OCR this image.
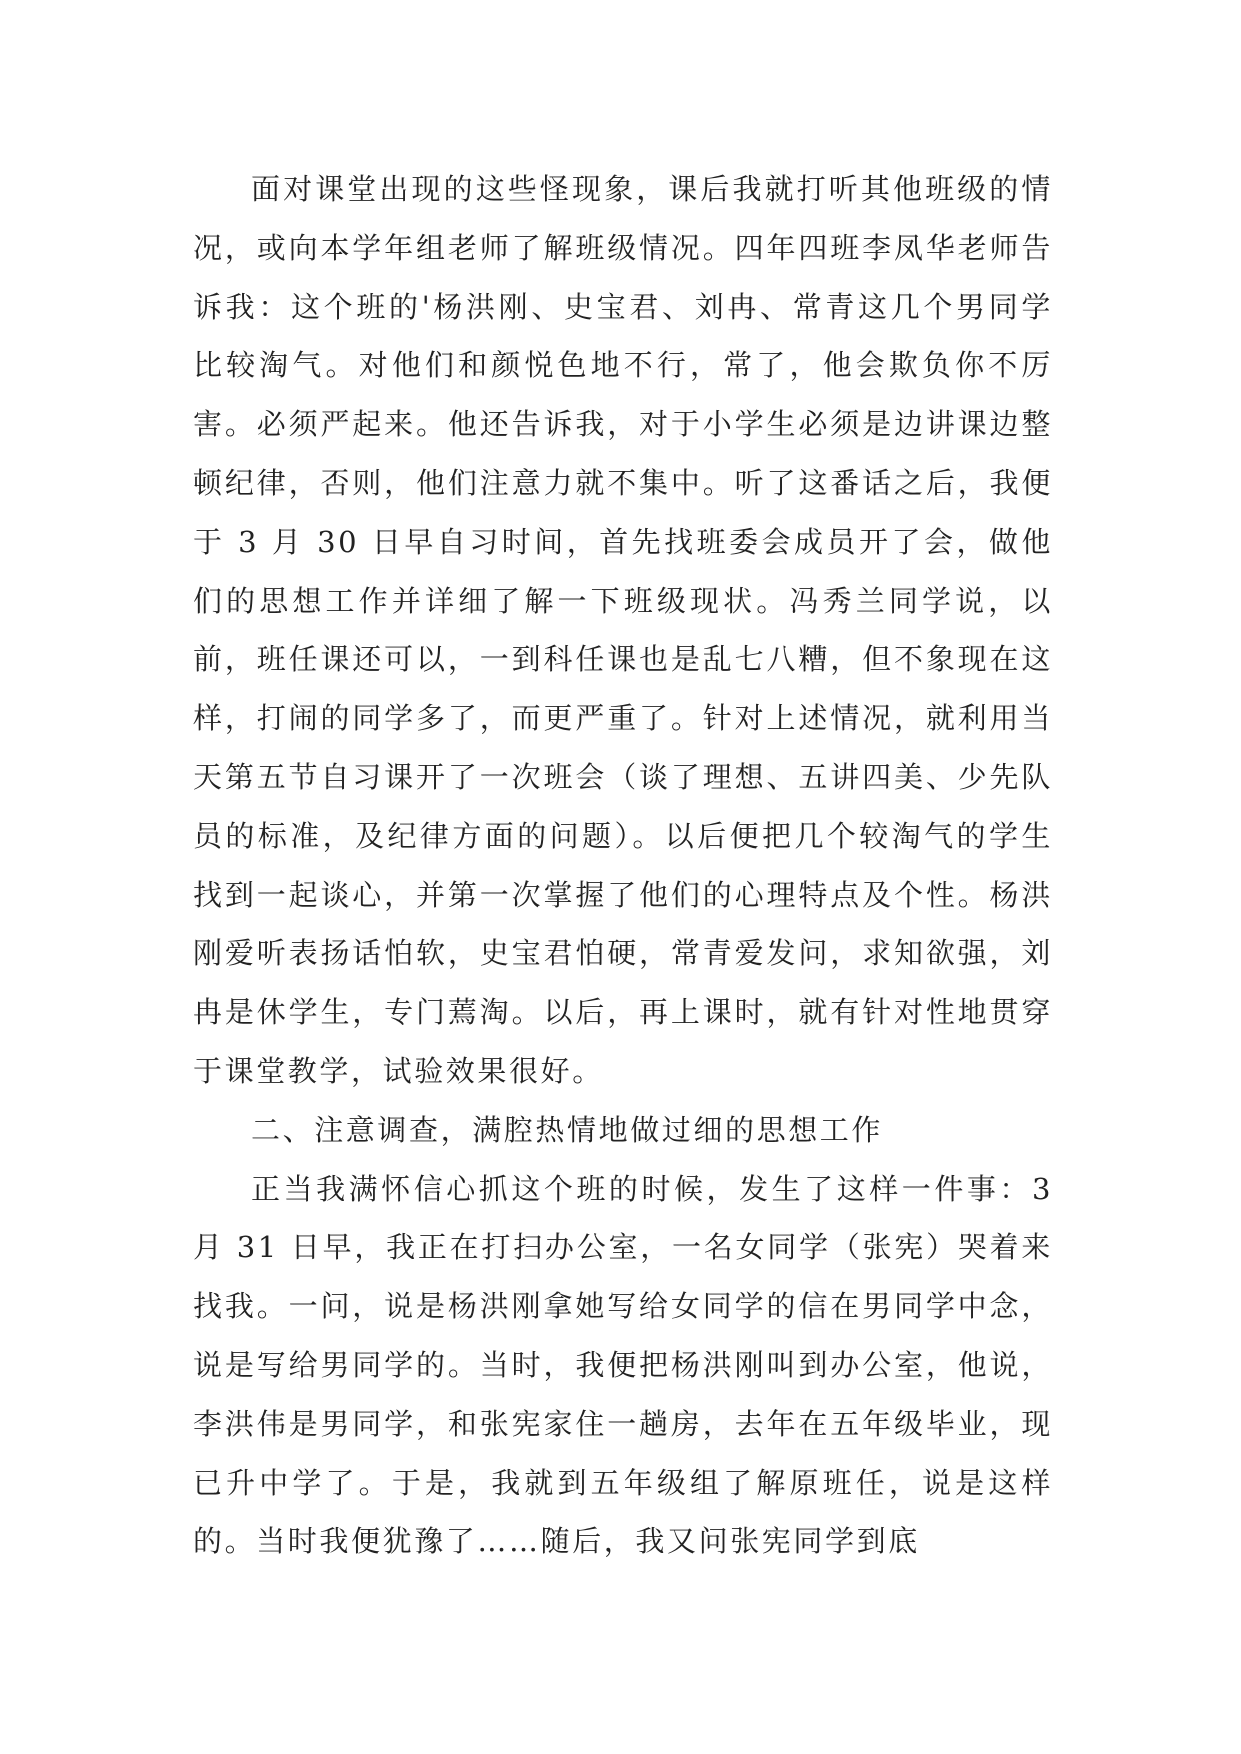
面对课堂出现的这些怪现象，课后我就打听其他班级的情况，或向本学年组老师了解班级情况。四年四班李凤华老师告诉我：这个班的'杨洪刚、史宝君、刘冉、常青这几个男同学比较淘气。对他们和颜悦色地不行，常了，他会欺负你不厉害。必须严起来。他还告诉我，对于小学生必须是边讲课边整顿纪律，否则，他们注意力就不集中。听了这番话之后，我便于 3 月 30 日早自习时间，首先找班委会成员开了会，做他们的思想工作并详细了解一下班级现状。冯秀兰同学说，以前，班任课还可以，一到科任课也是乱七八糟，但不象现在这样，打闹的同学多了，而更严重了。针对上述情况，就利用当天第五节自习课开了一次班会（谈了理想、五讲四美、少先队员的标准，及纪律方面的问题）。以后便把几个较淘气的学生找到一起谈心，并第一次掌握了他们的心理特点及个性。杨洪刚爱听表扬话怕软，史宝君怕硬，常青爱发问，求知欲强，刘冉是休学生，专门蔫淘。以后，再上课时，就有针对性地贯穿于课堂教学，试验效果很好。

二、注意调查，满腔热情地做过细的思想工作

正当我满怀信心抓这个班的时候，发生了这样一件事：3 月 31 日早，我正在打扫办公室，一名女同学（张宪）哭着来找我。一问，说是杨洪刚拿她写给女同学的信在男同学中念，说是写给男同学的。当时，我便把杨洪刚叫到办公室，他说，李洪伟是男同学，和张宪家住一趟房，去年在五年级毕业，现已升中学了。于是，我就到五年级组了解原班任，说是这样的。当时我便犹豫了……随后，我又问张宪同学到底
